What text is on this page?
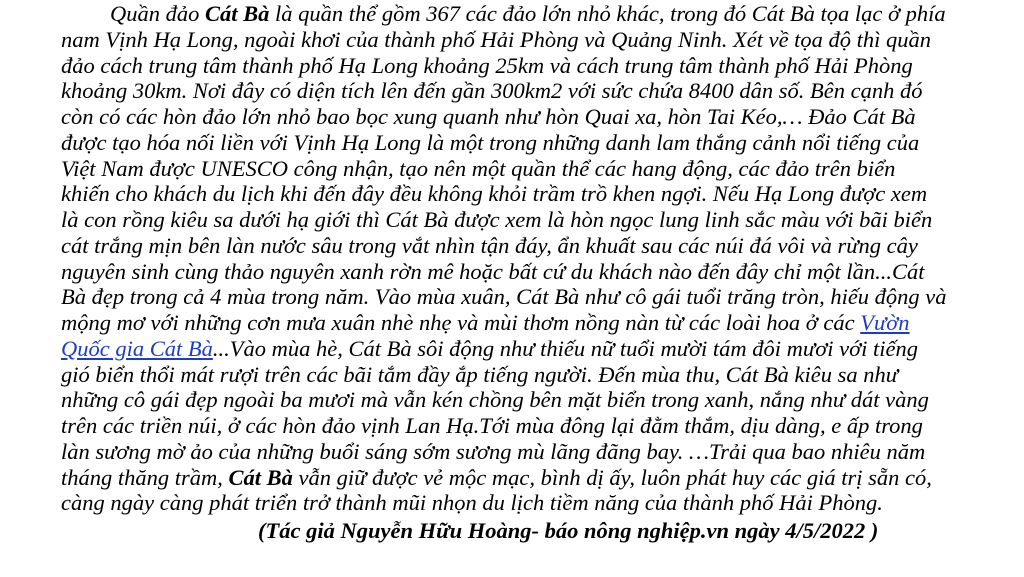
Quần đảo Cát Bà là quần thể gồm 367 các đảo lớn nhỏ khác, trong đó Cát Bà tọa lạc ở phía
nam Vịnh Hạ Long, ngoài khơi của thành phố Hải Phòng và Quảng Ninh. Xét về tọa độ thì quần
đảo cách trung tâm thành phố Hạ Long khoảng 25km và cách trung tâm thành phố Hải Phòng
khoảng 30km. Nơi đây có diện tích lên đến gần 300km2 với sức chứa 8400 dân số. Bên cạnh đó
còn có các hòn đảo lớn nhỏ bao bọc xung quanh như hòn Quai xa, hòn Tai Kéo,… Đảo Cát Bà
được tạo hóa nối liền với Vịnh Hạ Long là một trong những danh lam thắng cảnh nổi tiếng của
Việt Nam được UNESCO công nhận, tạo nên một quần thể các hang động, các đảo trên biển
khiến cho khách du lịch khi đến đây đều không khỏi trầm trồ khen ngợi. Nếu Hạ Long được xem
là con rồng kiêu sa dưới hạ giới thì Cát Bà được xem là hòn ngọc lung linh sắc màu với bãi biển
cát trắng mịn bên làn nước sâu trong vắt nhìn tận đáy, ẩn khuất sau các núi đá vôi và rừng cây
nguyên sinh cùng thảo nguyên xanh rờn mê hoặc bất cứ du khách nào đến đây chỉ một lần...Cát
Bà đẹp trong cả 4 mùa trong năm. Vào mùa xuân, Cát Bà như cô gái tuổi trăng tròn, hiếu động và
mộng mơ với những cơn mưa xuân nhè nhẹ và mùi thơm nồng nàn từ các loài hoa ở các Vườn
Quốc gia Cát Bà...Vào mùa hè, Cát Bà sôi động như thiếu nữ tuổi mười tám đôi mươi với tiếng
gió biển thổi mát rượi trên các bãi tắm đầy ắp tiếng người. Đến mùa thu, Cát Bà kiêu sa như
những cô gái đẹp ngoài ba mươi mà vẫn kén chồng bên mặt biển trong xanh, nắng như dát vàng
trên các triền núi, ở các hòn đảo vịnh Lan Hạ.Tới mùa đông lại đằm thắm, dịu dàng, e ấp trong
làn sương mờ ảo của những buổi sáng sớm sương mù lãng đãng bay. …Trải qua bao nhiêu năm
tháng thăng trầm, Cát Bà vẫn giữ được vẻ mộc mạc, bình dị ấy, luôn phát huy các giá trị sẵn có,
càng ngày càng phát triển trở thành mũi nhọn du lịch tiềm năng của thành phố Hải Phòng.
(Tác giả Nguyễn Hữu Hoàng- báo nông nghiệp.vn ngày 4/5/2022 )
